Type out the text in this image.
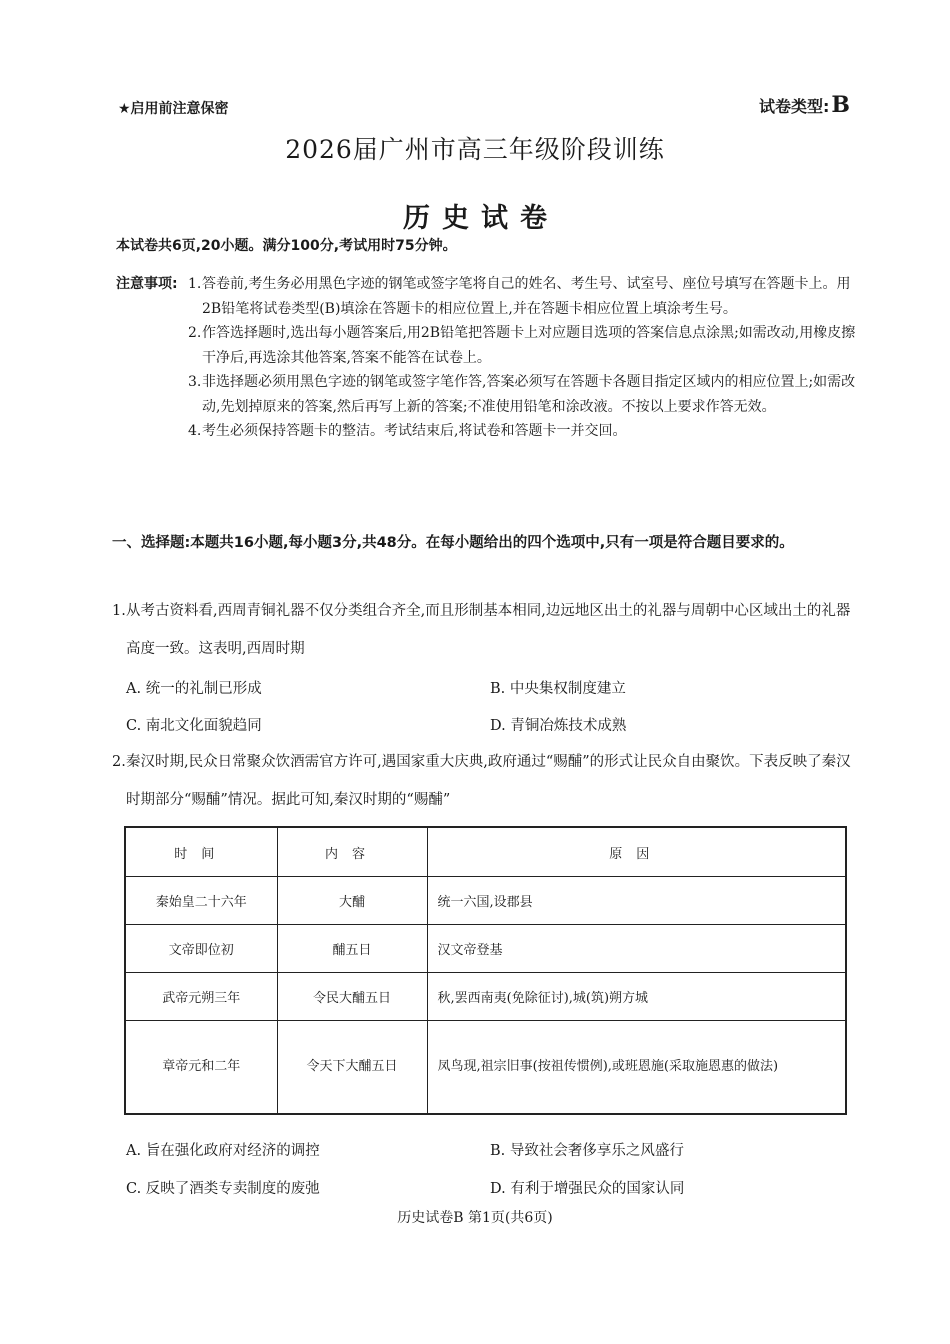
★启用前注意保密	试卷类型:B
2026届广州市高三年级阶段训练
历史试卷
本试卷共6页,20小题。满分100分,考试用时75分钟。
注意事项: 1. 答卷前,考生务必用黑色字迹的钢笔或签字笔将自己的姓名、考生号、试室号、座位号填写在答题卡上。用2B铅笔将试卷类型(B)填涂在答题卡的相应位置上,并在答题卡相应位置上填涂考生号。
2. 作答选择题时,选出每小题答案后,用2B铅笔把答题卡上对应题目选项的答案信息点涂黑;如需改动,用橡皮擦干净后,再选涂其他答案,答案不能答在试卷上。
3. 非选择题必须用黑色字迹的钢笔或签字笔作答,答案必须写在答题卡各题目指定区域内的相应位置上;如需改动,先划掉原来的答案,然后再写上新的答案;不准使用铅笔和涂改液。不按以上要求作答无效。
4. 考生必须保持答题卡的整洁。考试结束后,将试卷和答题卡一并交回。
一、选择题:本题共16小题,每小题3分,共48分。在每小题给出的四个选项中,只有一项是符合题目要求的。
1. 从考古资料看,西周青铜礼器不仅分类组合齐全,而且形制基本相同,边远地区出土的礼器与周朝中心区域出土的礼器高度一致。这表明,西周时期
A. 统一的礼制已形成	B. 中央集权制度建立
C. 南北文化面貌趋同	D. 青铜冶炼技术成熟
2. 秦汉时期,民众日常聚众饮酒需官方许可,遇国家重大庆典,政府通过“赐酺”的形式让民众自由聚饮。下表反映了秦汉时期部分“赐酺”情况。据此可知,秦汉时期的“赐酺”
时间	内容	原因
秦始皇二十六年	大酺	统一六国,设郡县
文帝即位初	酺五日	汉文帝登基
武帝元朔三年	令民大酺五日	秋,罢西南夷(免除征讨),城(筑)朔方城
章帝元和二年	令天下大酺五日	凤鸟现,祖宗旧事(按祖传惯例),或班恩施(采取施恩惠的做法)
A. 旨在强化政府对经济的调控	B. 导致社会奢侈享乐之风盛行
C. 反映了酒类专卖制度的废弛	D. 有利于增强民众的国家认同
历史试卷B 第1页(共6页)
